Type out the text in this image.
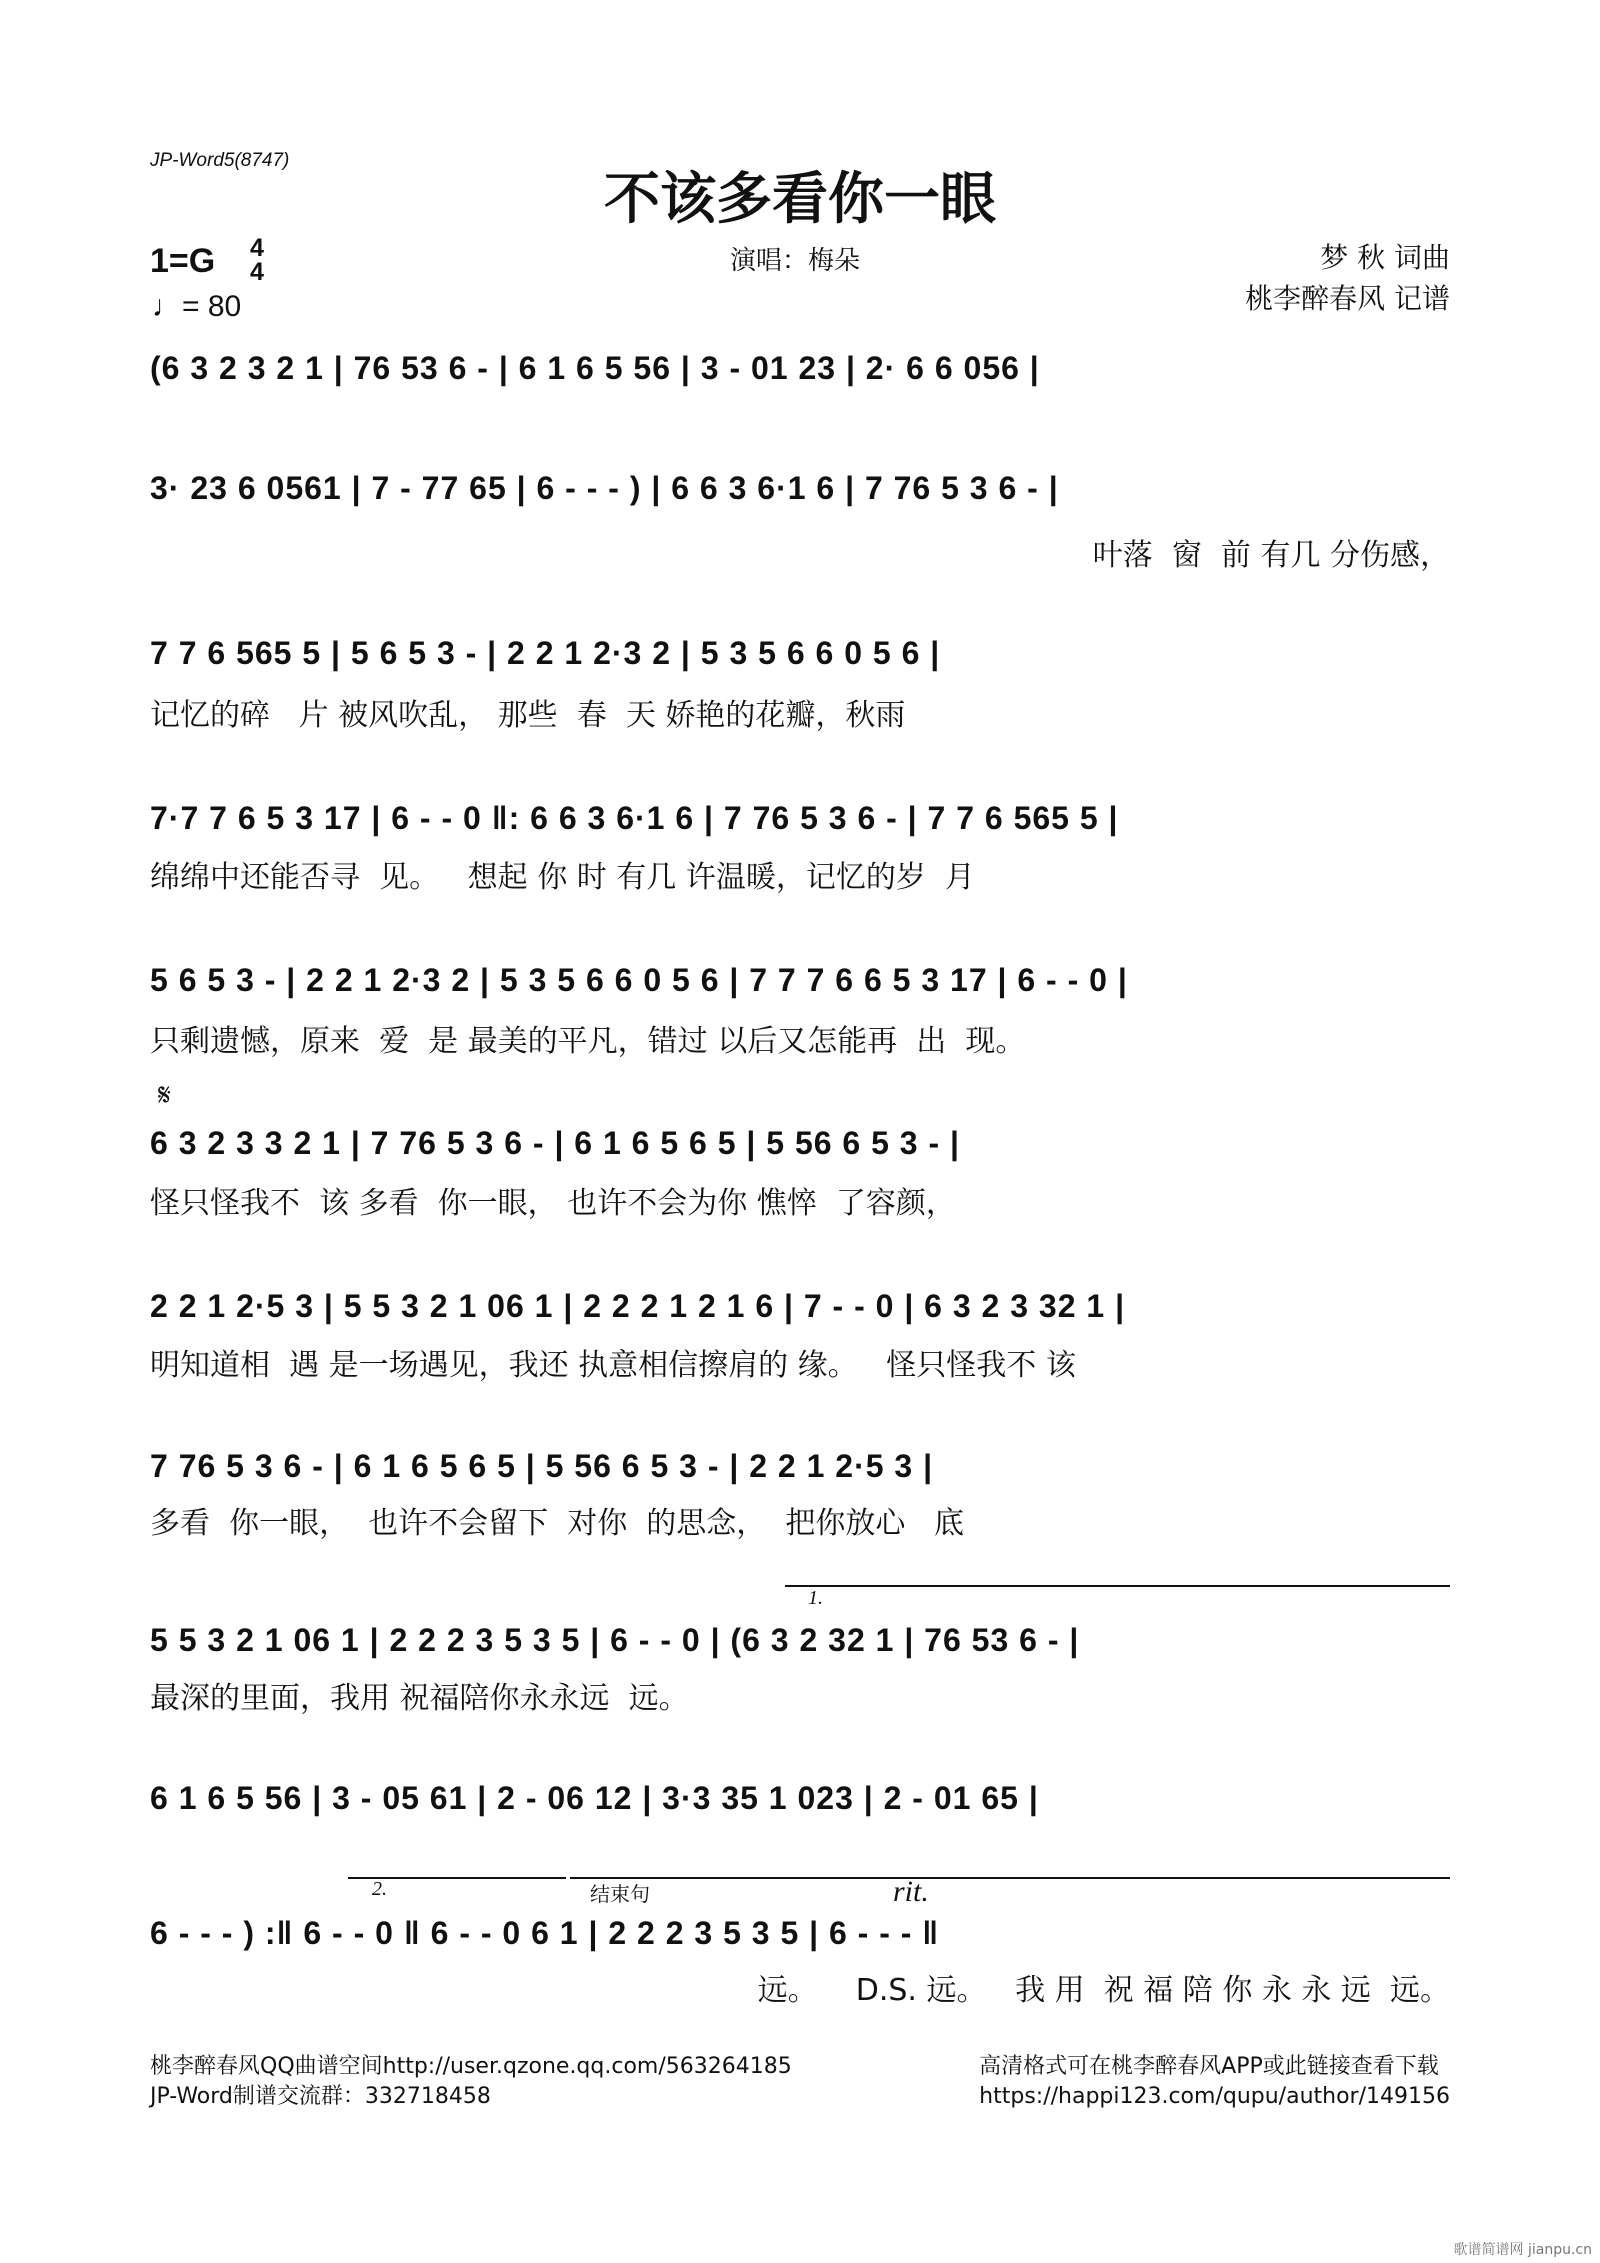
JP-Word5(8747)
不该多看你一眼
1=G 4
4
♩= 80
演唱：梅朵	梦 秋 词曲
桃李醉春风 记谱
(6 3 2 3 2 1 | 76 53 6 - | 6 1 6 5 56 | 3 - 01 23 | 2· 6 6 056 |
3· 23 6 0561 | 7 - 77 65 | 6 - - - ) | 6 6 3 6·1 6 | 7 76 5 3 6 - |
叶落  窗  前 有几 分伤感，
7 7 6 565 5 | 5 6 5 3 - | 2 2 1 2·3 2 | 5 3 5 6 6 0 5 6 |
记忆的碎   片 被风吹乱， 那些  春  天 娇艳的花瓣，秋雨
7·7 7 6 5 3 17 | 6 - - 0 ‖: 6 6 3 6·1 6 | 7 76 5 3 6 - | 7 7 6 565 5 |
绵绵中还能否寻  见。   想起 你 时 有几 许温暖，记忆的岁  月
5 6 5 3 - | 2 2 1 2·3 2 | 5 3 5 6 6 0 5 6 | 7 7 7 6 6 5 3 17 | 6 - - 0 |
只剩遗憾，原来  爱  是 最美的平凡，错过 以后又怎能再  出  现。
𝄋
6 3 2 3 3 2 1 | 7 76 5 3 6 - | 6 1 6 5 6 5 | 5 56 6 5 3 - |
怪只怪我不  该 多看  你一眼， 也许不会为你 憔悴  了容颜，
2 2 1 2·5 3 | 5 5 3 2 1 06 1 | 2 2 2 1 2 1 6 | 7 - - 0 | 6 3 2 3 32 1 |
明知道相  遇 是一场遇见，我还 执意相信擦肩的 缘。   怪只怪我不 该
7 76 5 3 6 - | 6 1 6 5 6 5 | 5 56 6 5 3 - | 2 2 1 2·5 3 |
多看  你一眼，  也许不会留下  对你  的思念，  把你放心   底
1.
5 5 3 2 1 06 1 | 2 2 2 3 5 3 5 | 6 - - 0 | (6 3 2 32 1 | 76 53 6 - |
最深的里面，我用 祝福陪你永永远  远。
6 1 6 5 56 | 3 - 05 61 | 2 - 06 12 | 3·3 35 1 023 | 2 - 01 65 |
2.	结束句	rit.
6 - - - ) :‖ 6 - - 0 ‖ 6 - - 0 6 1 | 2 2 2 3 5 3 5 | 6 - - - ‖
远。    D.S. 远。   我 用  祝 福 陪 你 永 永 远  远。
桃李醉春风QQ曲谱空间http://user.qzone.qq.com/563264185
JP-Word制谱交流群：332718458
高清格式可在桃李醉春风APP或此链接查看下载
https://happi123.com/qupu/author/149156
歌谱简谱网 jianpu.cn
